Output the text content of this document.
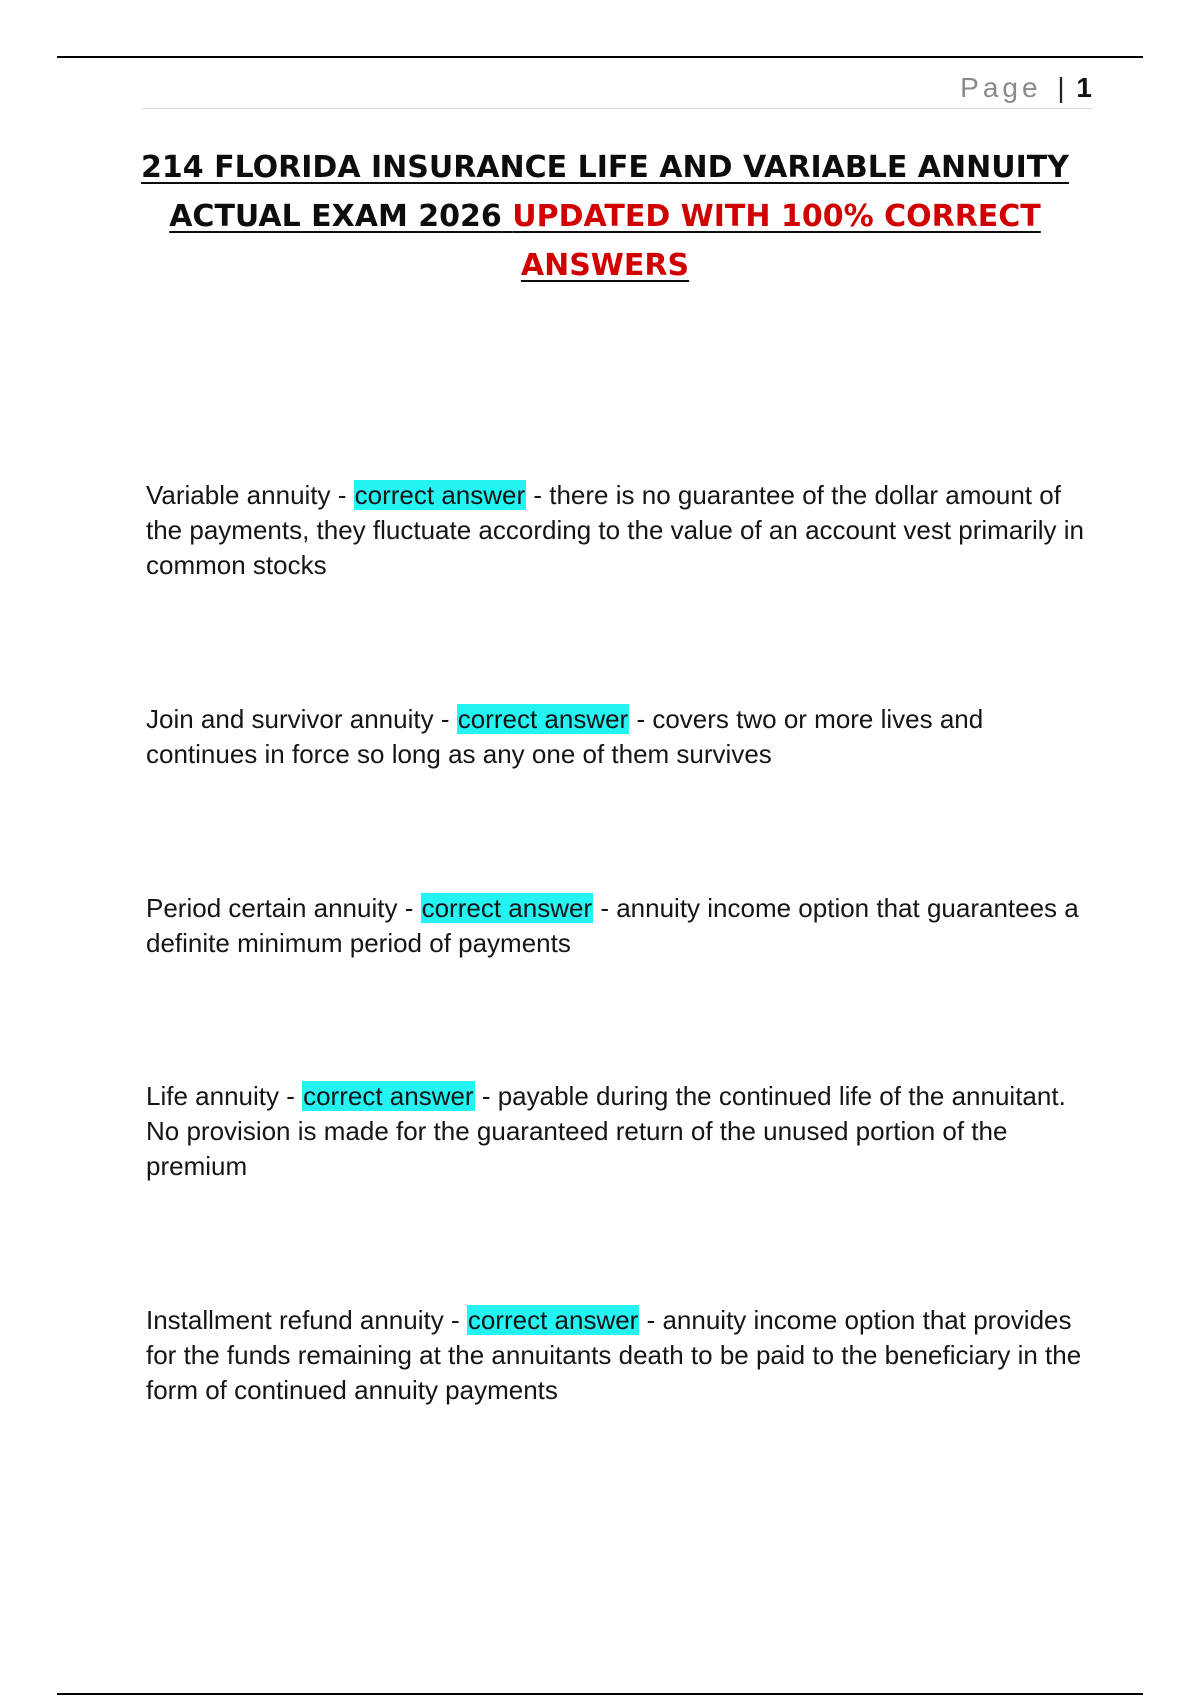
Page | 1
214 FLORIDA INSURANCE LIFE AND VARIABLE ANNUITY ACTUAL EXAM 2026 UPDATED WITH 100% CORRECT ANSWERS
Variable annuity - correct answer - there is no guarantee of the dollar amount of the payments, they fluctuate according to the value of an account vest primarily in common stocks
Join and survivor annuity - correct answer - covers two or more lives and continues in force so long as any one of them survives
Period certain annuity - correct answer - annuity income option that guarantees a definite minimum period of payments
Life annuity - correct answer - payable during the continued life of the annuitant. No provision is made for the guaranteed return of the unused portion of the premium
Installment refund annuity - correct answer - annuity income option that provides for the funds remaining at the annuitants death to be paid to the beneficiary in the form of continued annuity payments
